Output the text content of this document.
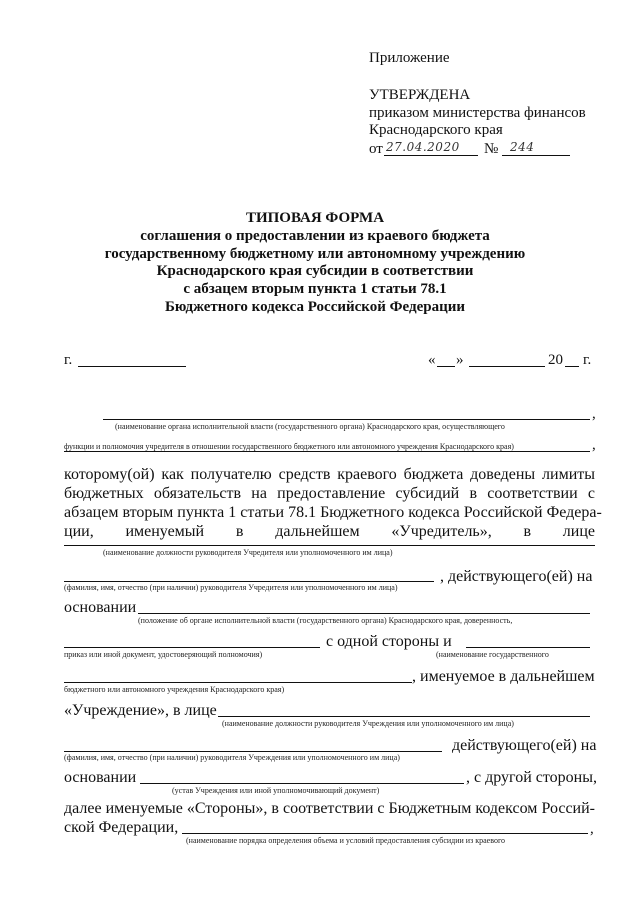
Приложение
УТВЕРЖДЕНА
приказом министерства финансов
Краснодарского края
от 27.04.2020 № 244
ТИПОВАЯ ФОРМА
соглашения о предоставлении из краевого бюджета
государственному бюджетному или автономному учреждению
Краснодарского края субсидии в соответствии
с абзацем вторым пункта 1 статьи 78.1
Бюджетного кодекса Российской Федерации
г.	« »	20 г.
,
(наименование органа исполнительной власти (государственного органа) Краснодарского края, осуществляющего
функции и полномочия учредителя в отношении государственного бюджетного или автономного учреждения Краснодарского края)	,
которому(ой) как получателю средств краевого бюджета доведены лимиты
бюджетных обязательств на предоставление субсидий в соответствии с
абзацем вторым пункта 1 статьи 78.1 Бюджетного кодекса Российской Федера-
ции, именуемый в дальнейшем «Учредитель», в лице
(наименование должности руководителя Учредителя или уполномоченного им лица)
(фамилия, имя, отчество (при наличии) руководителя Учредителя или уполномоченного им лица)
, действующего(ей) на
основании
(положение об органе исполнительной власти (государственного органа) Краснодарского края, доверенность,
с одной стороны и
приказ или иной документ, удостоверяющий полномочия)	(наименование государственного
, именуемое в дальнейшем
бюджетного или автономного учреждения Краснодарского края)
«Учреждение», в лице
(наименование должности руководителя Учреждения или уполномоченного им лица)
(фамилия, имя, отчество (при наличии) руководителя Учреждения или уполномоченного им лица)
действующего(ей) на
основании	, с другой стороны,
(устав Учреждения или иной уполномочивающий документ)
далее именуемые «Стороны», в соответствии с Бюджетным кодексом Россий-
ской Федерации,	,
(наименование порядка определения объема и условий предоставления субсидии из краевого
